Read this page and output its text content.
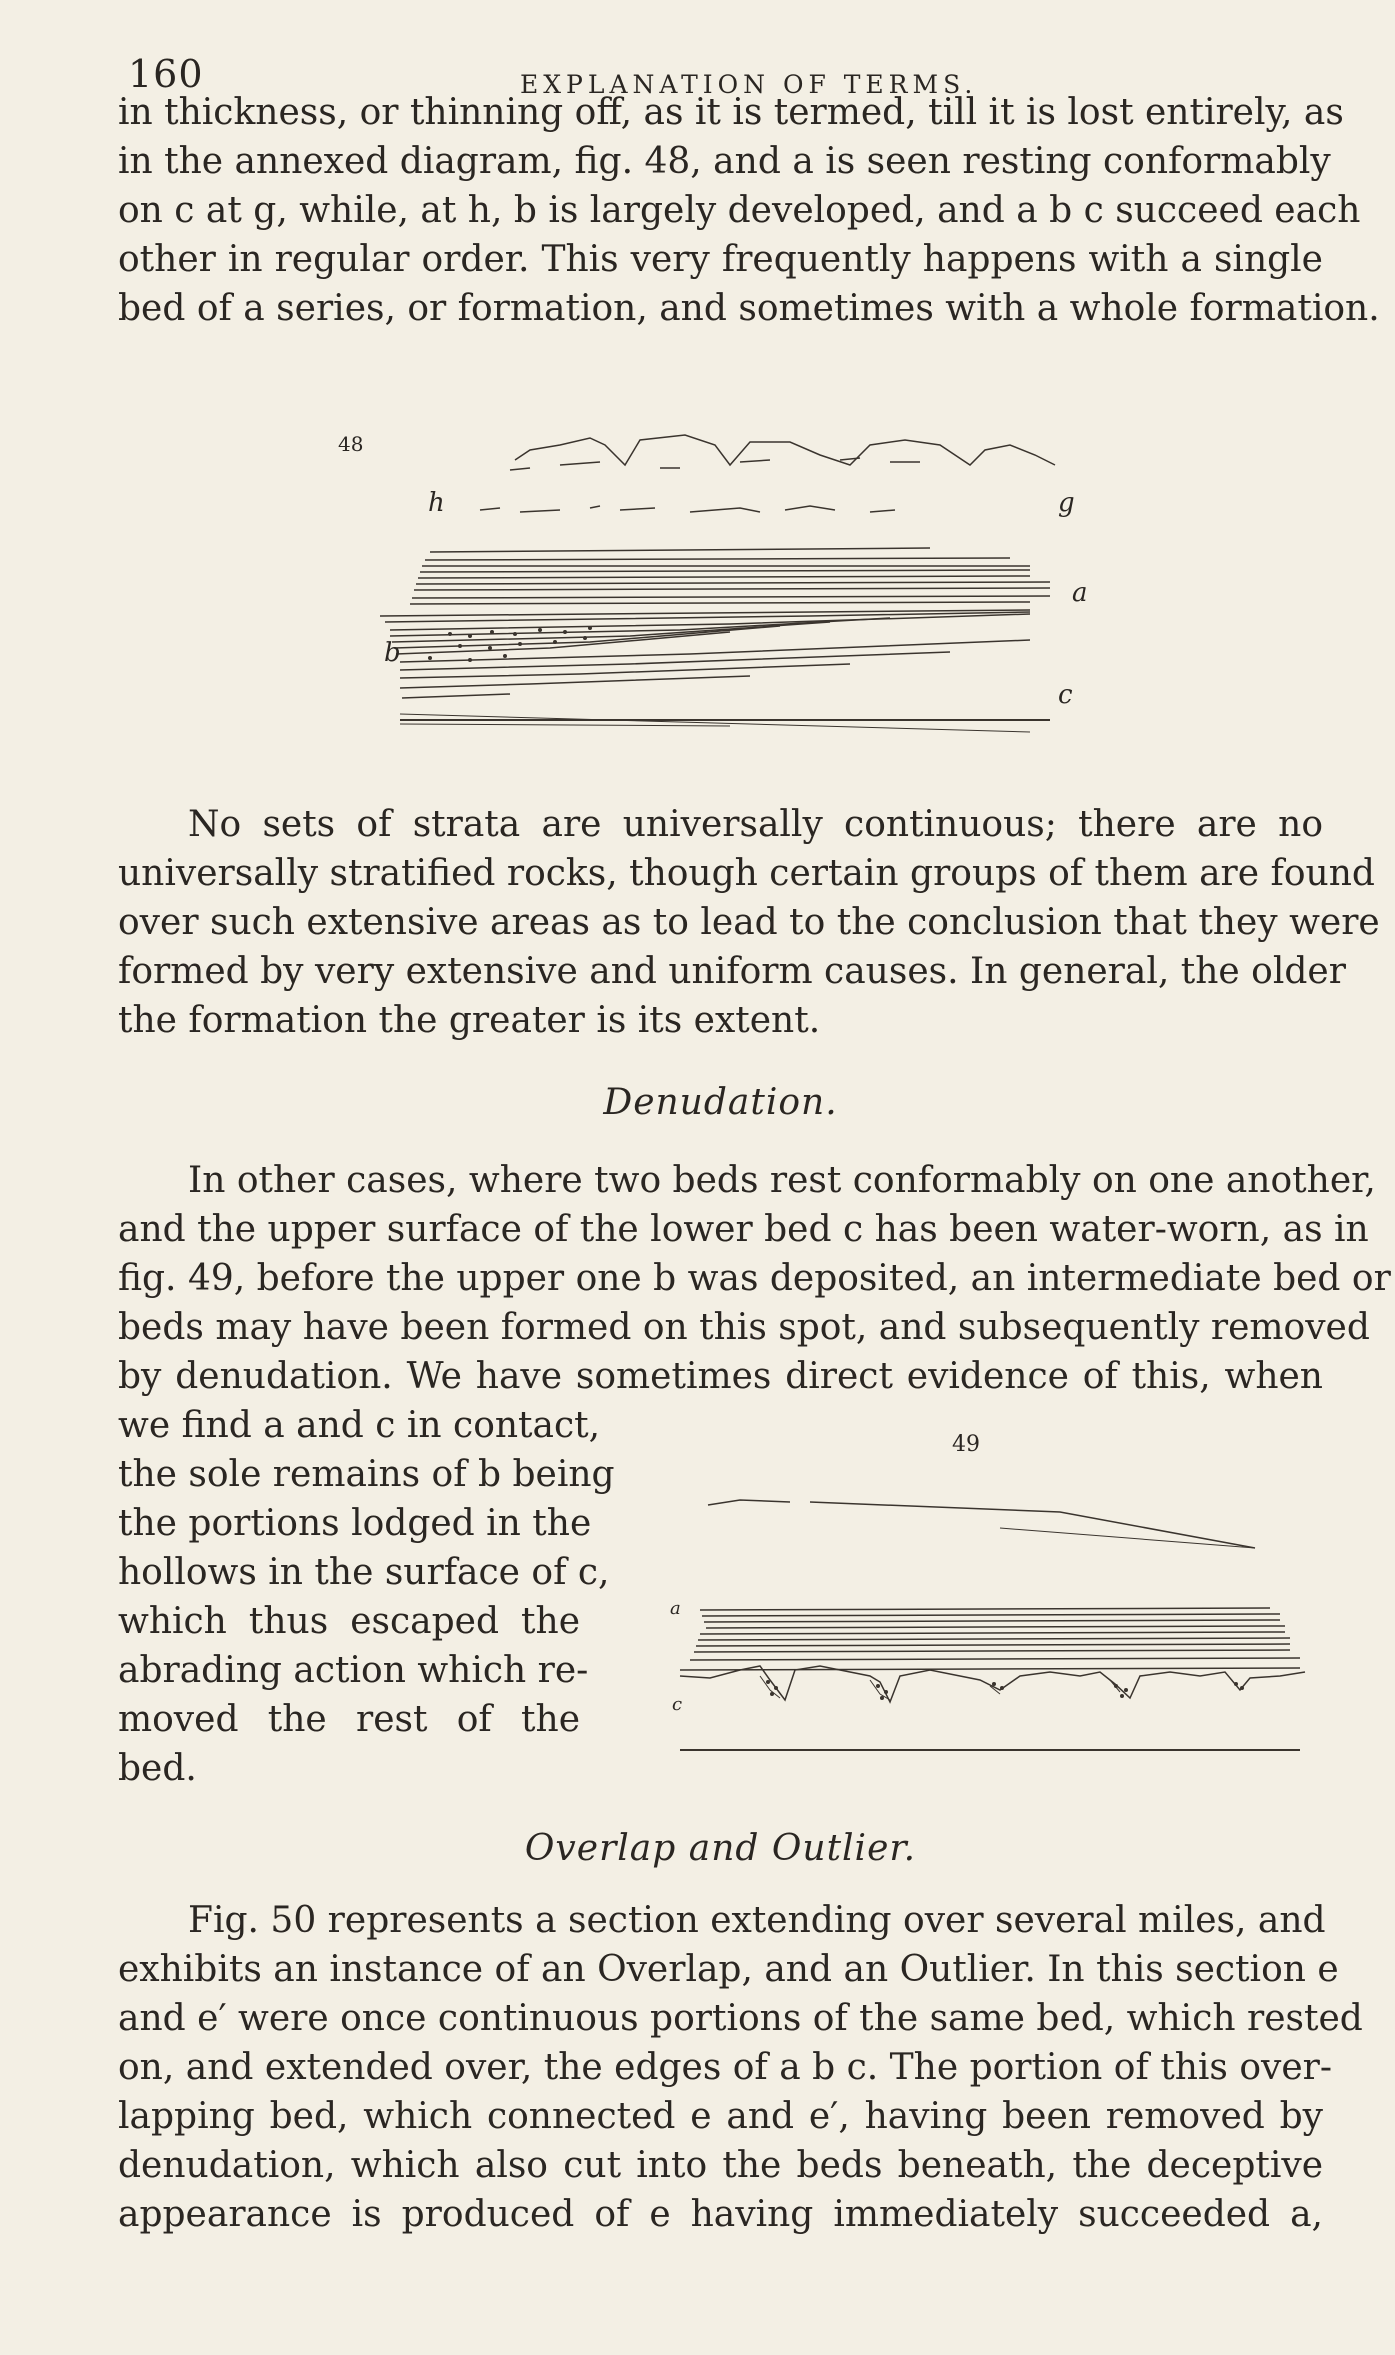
160	EXPLANATION OF TERMS.
in thickness, or thinning off, as it is termed, till it is lost entirely, as
in the annexed diagram, fig. 48, and a is seen resting conformably
on c at g, while, at h, b is largely developed, and a b c succeed each
other in regular order. This very frequently happens with a single
bed of a series, or formation, and sometimes with a whole formation.
48
h	g
a
b
c
No sets of strata are universally continuous; there are no
universally stratified rocks, though certain groups of them are found
over such extensive areas as to lead to the conclusion that they were
formed by very extensive and uniform causes. In general, the older
the formation the greater is its extent.
Denudation.
In other cases, where two beds rest conformably on one another,
and the upper surface of the lower bed c has been water-worn, as in
fig. 49, before the upper one b was deposited, an intermediate bed or
beds may have been formed on this spot, and subsequently removed
by denudation. We have sometimes direct evidence of this, when
we find a and c in contact,
the sole remains of b being
the portions lodged in the
hollows in the surface of c,
which thus escaped the
abrading action which re-
moved the rest of the
bed.
49
a
c
Overlap and Outlier.
Fig. 50 represents a section extending over several miles, and
exhibits an instance of an Overlap, and an Outlier. In this section e
and e′ were once continuous portions of the same bed, which rested
on, and extended over, the edges of a b c. The portion of this over-
lapping bed, which connected e and e′, having been removed by
denudation, which also cut into the beds beneath, the deceptive
appearance is produced of e having immediately succeeded a,
